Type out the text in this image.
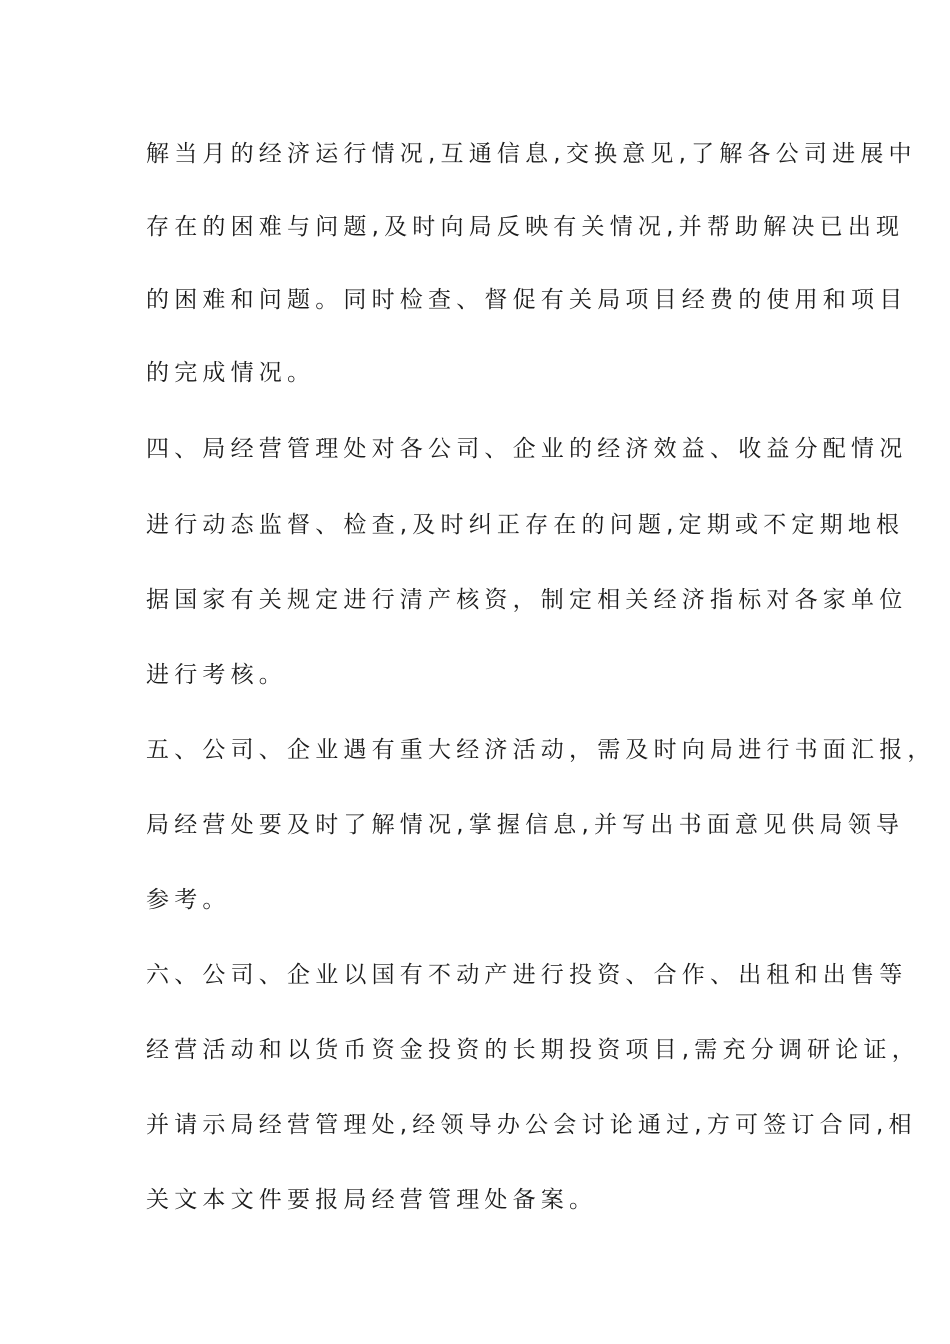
解当月的经济运行情况,互通信息,交换意见,了解各公司进展中
存在的困难与问题,及时向局反映有关情况,并帮助解决已出现
的困难和问题。同时检查、督促有关局项目经费的使用和项目
的完成情况。
四、局经营管理处对各公司、企业的经济效益、收益分配情况
进行动态监督、检查,及时纠正存在的问题,定期或不定期地根
据国家有关规定进行清产核资，制定相关经济指标对各家单位
进行考核。
五、公司、企业遇有重大经济活动，需及时向局进行书面汇报，
局经营处要及时了解情况,掌握信息,并写出书面意见供局领导
参考。
六、公司、企业以国有不动产进行投资、合作、出租和出售等
经营活动和以货币资金投资的长期投资项目,需充分调研论证，
并请示局经营管理处,经领导办公会讨论通过,方可签订合同,相
关文本文件要报局经营管理处备案。
